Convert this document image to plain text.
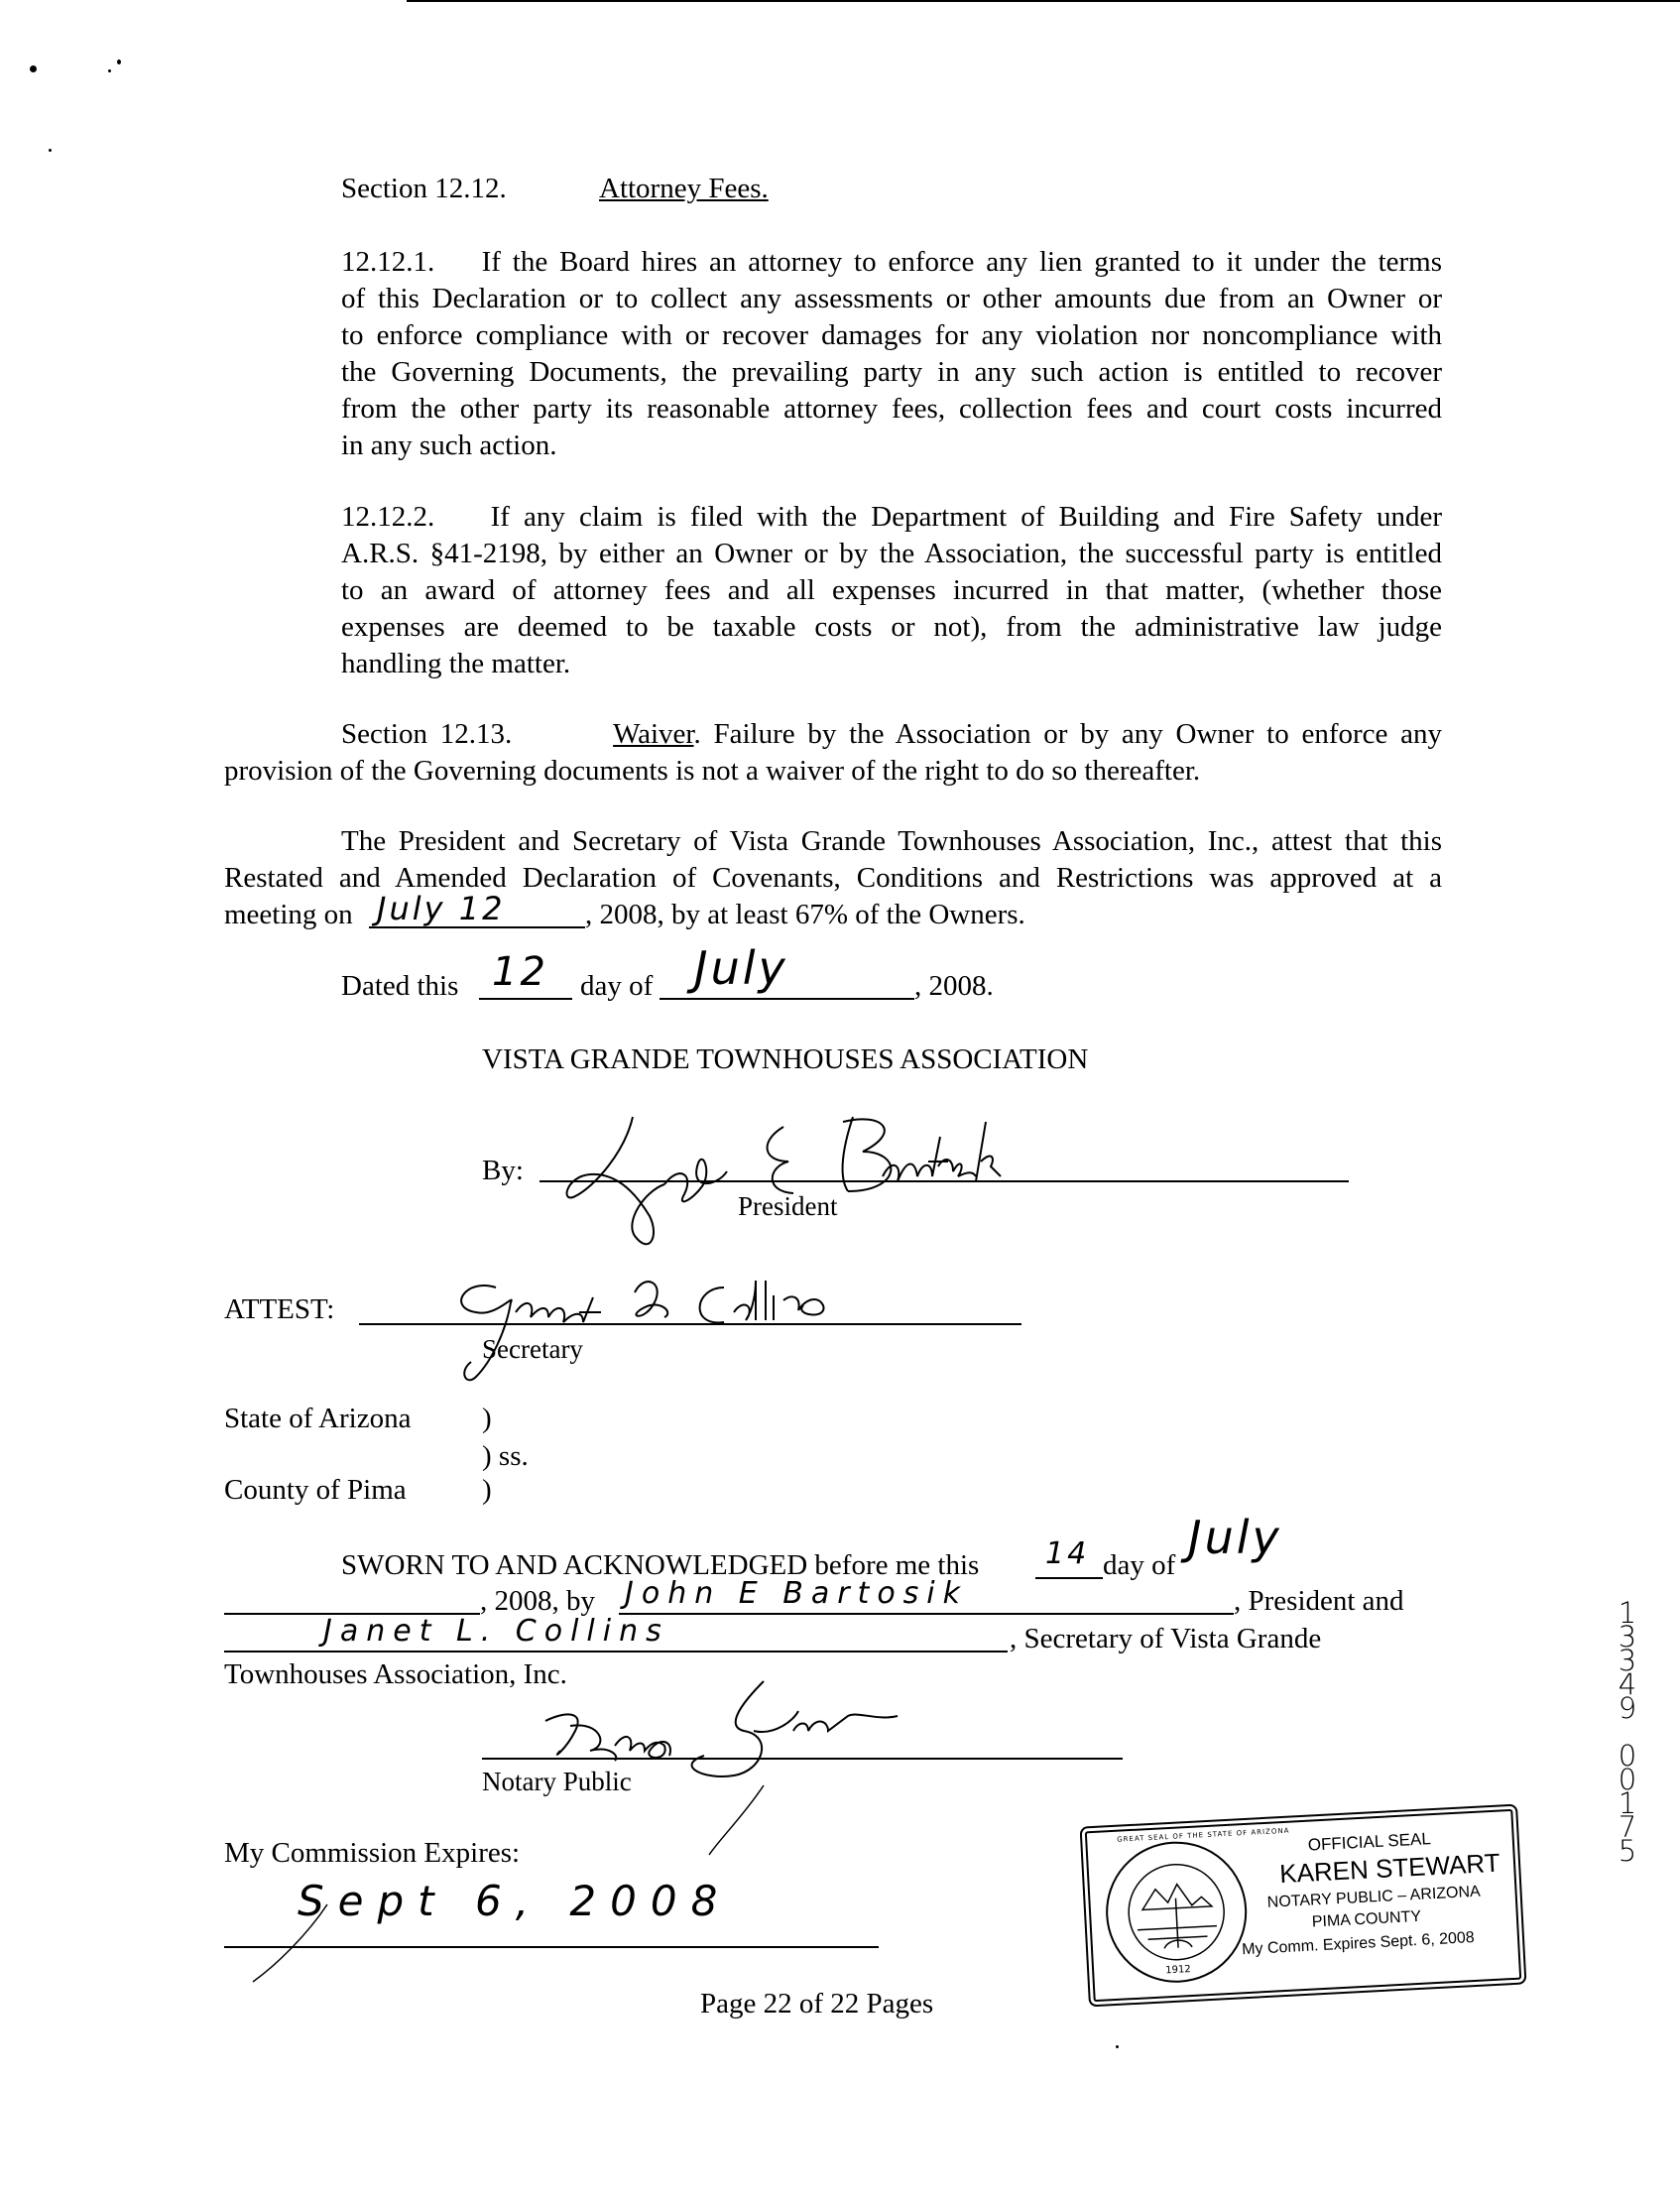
Section 12.12.	Attorney Fees.
12.12.1. If the Board hires an attorney to enforce any lien granted to it under the terms
of this Declaration or to collect any assessments or other amounts due from an Owner or
to enforce compliance with or recover damages for any violation nor noncompliance with
the Governing Documents, the prevailing party in any such action is entitled to recover
from the other party its reasonable attorney fees, collection fees and court costs incurred
in any such action.
12.12.2. If any claim is filed with the Department of Building and Fire Safety under
A.R.S. §41-2198, by either an Owner or by the Association, the successful party is entitled
to an award of attorney fees and all expenses incurred in that matter, (whether those
expenses are deemed to be taxable costs or not), from the administrative law judge
handling the matter.
Section 12.13.	Waiver. Failure by the Association or by any Owner to enforce any
provision of the Governing documents is not a waiver of the right to do so thereafter.
The President and Secretary of Vista Grande Townhouses Association, Inc., attest that this
Restated and Amended Declaration of Covenants, Conditions and Restrictions was approved at a
meeting on July 12	, 2008, by at least 67% of the Owners.
Dated this 12 day of July	, 2008.
VISTA GRANDE TOWNHOUSES ASSOCIATION
By:
President
ATTEST:
Secretary
State of Arizona )
) ss.
County of Pima	)
SWORN TO AND ACKNOWLEDGED before me this 14 day of
July
, 2008, by John E Bartosik	, President and
Janet L. Collins	, Secretary of Vista Grande
Townhouses Association, Inc.
Notary Public
My Commission Expires:
Sept 6, 2008
GREAT SEAL OF THE STATE OF ARIZONA
1912
OFFICIAL SEAL
KAREN STEWART
NOTARY PUBLIC – ARIZONA
PIMA COUNTY
My Comm. Expires Sept. 6, 2008
1
3
3
4
9
0
0
1
7
5
Page 22 of 22 Pages
